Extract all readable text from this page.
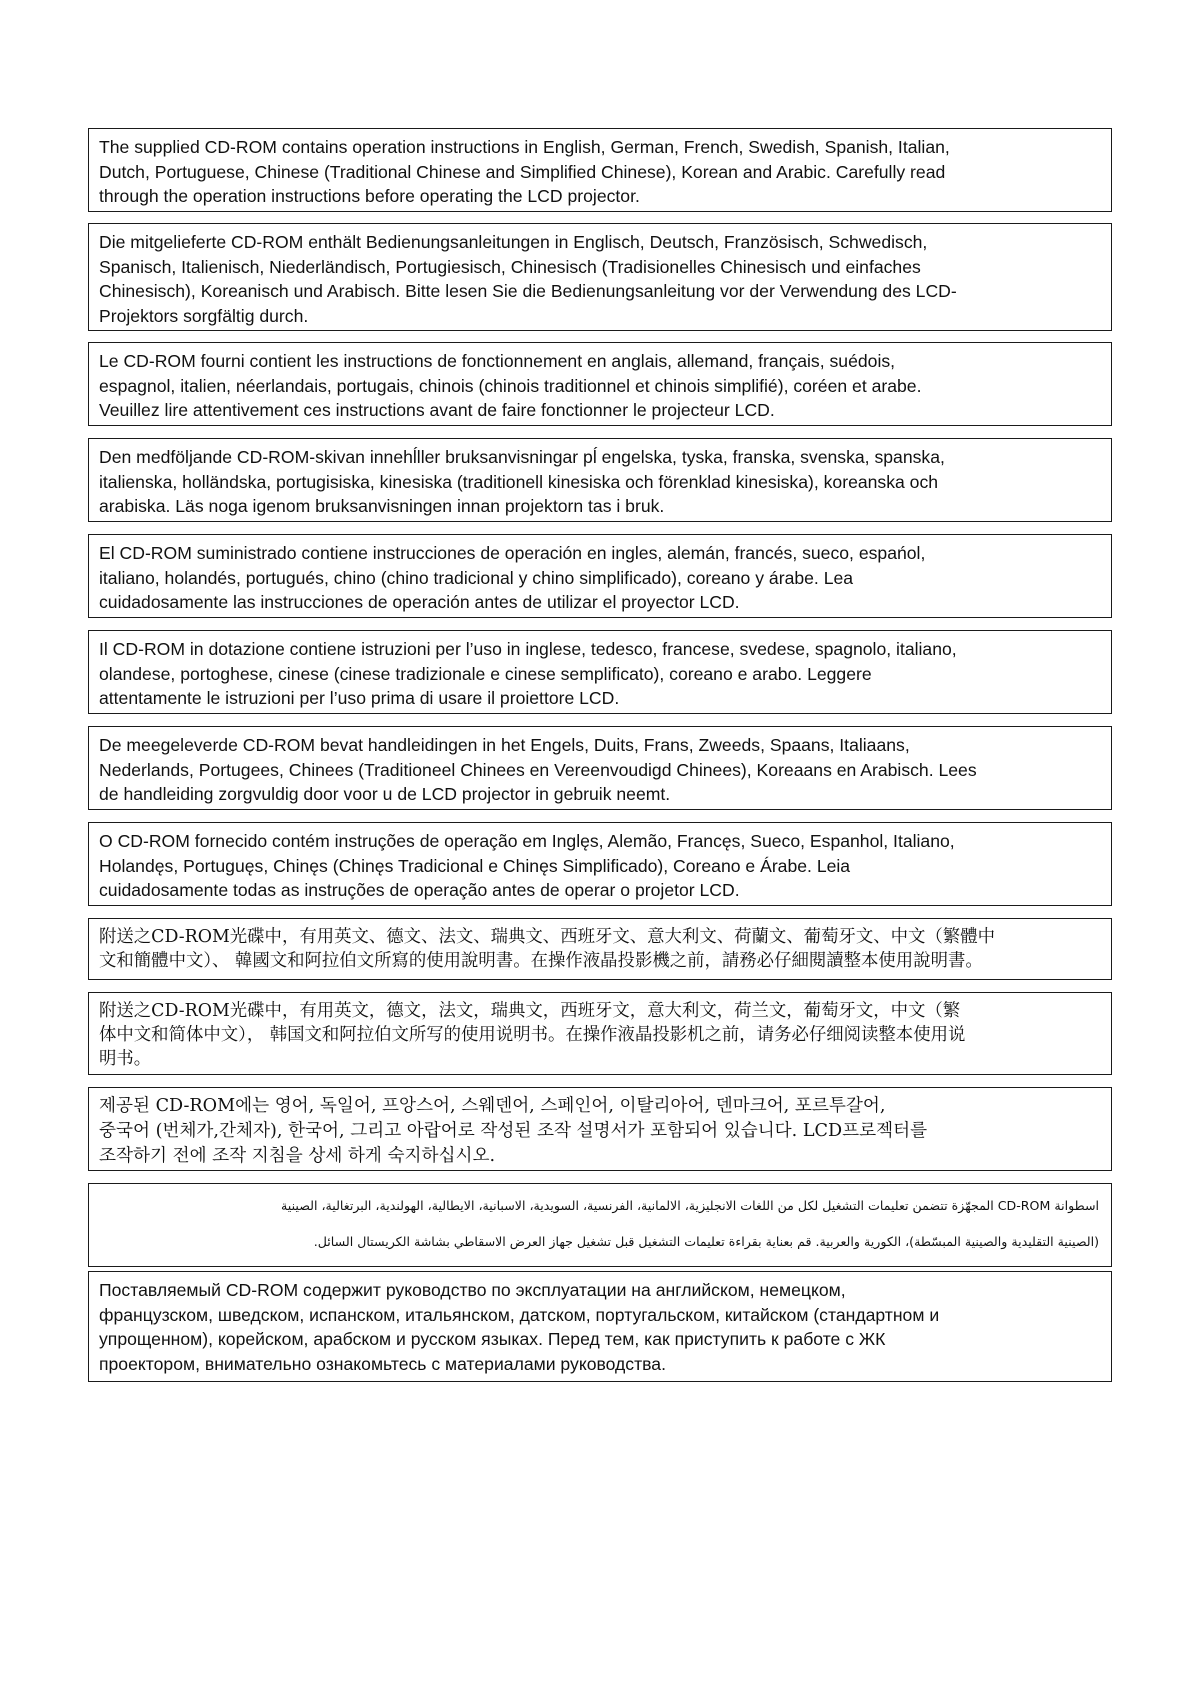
The supplied CD-ROM contains operation instructions in English, German, French, Swedish, Spanish, Italian,
Dutch, Portuguese, Chinese (Traditional Chinese and Simplified Chinese), Korean and Arabic. Carefully read
through the operation instructions before operating the LCD projector.
Die mitgelieferte CD-ROM enthält Bedienungsanleitungen in Englisch, Deutsch, Französisch, Schwedisch,
Spanisch, Italienisch, Niederländisch, Portugiesisch, Chinesisch (Tradisionelles Chinesisch und einfaches
Chinesisch), Koreanisch und Arabisch. Bitte lesen Sie die Bedienungsanleitung vor der Verwendung des LCD-
Projektors sorgfältig durch.
Le CD-ROM fourni contient les instructions de fonctionnement en anglais, allemand, français, suédois,
espagnol, italien, néerlandais, portugais, chinois (chinois traditionnel et chinois simplifié), coréen et arabe.
Veuillez lire attentivement ces instructions avant de faire fonctionner le projecteur LCD.
Den medföljande CD-ROM-skivan innehĺller bruksanvisningar pĺ engelska, tyska, franska, svenska, spanska,
italienska, holländska, portugisiska, kinesiska (traditionell kinesiska och förenklad kinesiska), koreanska och
arabiska. Läs noga igenom bruksanvisningen innan projektorn tas i bruk.
El CD-ROM suministrado contiene instrucciones de operación en ingles, alemán, francés, sueco, espańol,
italiano, holandés, portugués, chino (chino tradicional y chino simplificado), coreano y árabe. Lea
cuidadosamente las instrucciones de operación antes de utilizar el proyector LCD.
Il CD-ROM in dotazione contiene istruzioni per l’uso in inglese, tedesco, francese, svedese, spagnolo, italiano,
olandese, portoghese, cinese (cinese tradizionale e cinese semplificato), coreano e arabo. Leggere
attentamente le istruzioni per l’uso prima di usare il proiettore LCD.
De meegeleverde CD-ROM bevat handleidingen in het Engels, Duits, Frans, Zweeds, Spaans, Italiaans,
Nederlands, Portugees, Chinees (Traditioneel Chinees en Vereenvoudigd Chinees), Koreaans en Arabisch. Lees
de handleiding zorgvuldig door voor u de LCD projector in gebruik neemt.
O CD-ROM fornecido contém instruções de operação em Inglęs, Alemão, Francęs, Sueco, Espanhol, Italiano,
Holandęs, Portuguęs, Chinęs (Chinęs Tradicional e Chinęs Simplificado), Coreano e Árabe. Leia
cuidadosamente todas as instruções de operação antes de operar o projetor LCD.
附送之CD-ROM光碟中，有用英文、德文、法文、瑞典文、西班牙文、意大利文、荷蘭文、葡萄牙文、中文（繁體中
文和簡體中文）、 韓國文和阿拉伯文所寫的使用說明書。在操作液晶投影機之前，請務必仔細閱讀整本使用說明書。
附送之CD-ROM光碟中，有用英文，德文，法文，瑞典文，西班牙文，意大利文，荷兰文，葡萄牙文，中文（繁
体中文和简体中文）， 韩国文和阿拉伯文所写的使用说明书。在操作液晶投影机之前，请务必仔细阅读整本使用说
明书。
제공된 CD-ROM에는 영어, 독일어, 프앙스어, 스웨덴어, 스페인어, 이탈리아어, 덴마크어, 포르투갈어,
중국어 (번체가,간체자), 한국어, 그리고 아랍어로 작성된 조작 설명서가 포함되어 있습니다. LCD프로젝터를
조작하기 전에 조작 지침을 상세 하게 숙지하십시오.
اسطوانة CD-ROM المجهّزة تتضمن تعليمات التشغيل لكل من اللغات الانجليزية، الالمانية، الفرنسية، السويدية، الاسبانية، الايطالية، الهولندية، البرتغالية، الصينية
(الصينية التقليدية والصينية المبسّطة)، الكورية والعربية. قم بعناية بقراءة تعليمات التشغيل قبل تشغيل جهاز العرض الاسقاطي بشاشة الكريستال السائل.
Поставляемый CD-ROM содержит руководство по эксплуатации на английском, немецком,
французском, шведском, испанском, итальянском, датском, португальском, китайском (стандартном и
упрощенном), корейском, арабском и русском языках. Перед тем, как приступить к работе с ЖК
проектором, внимательно ознакомьтесь с материалами руководства.
